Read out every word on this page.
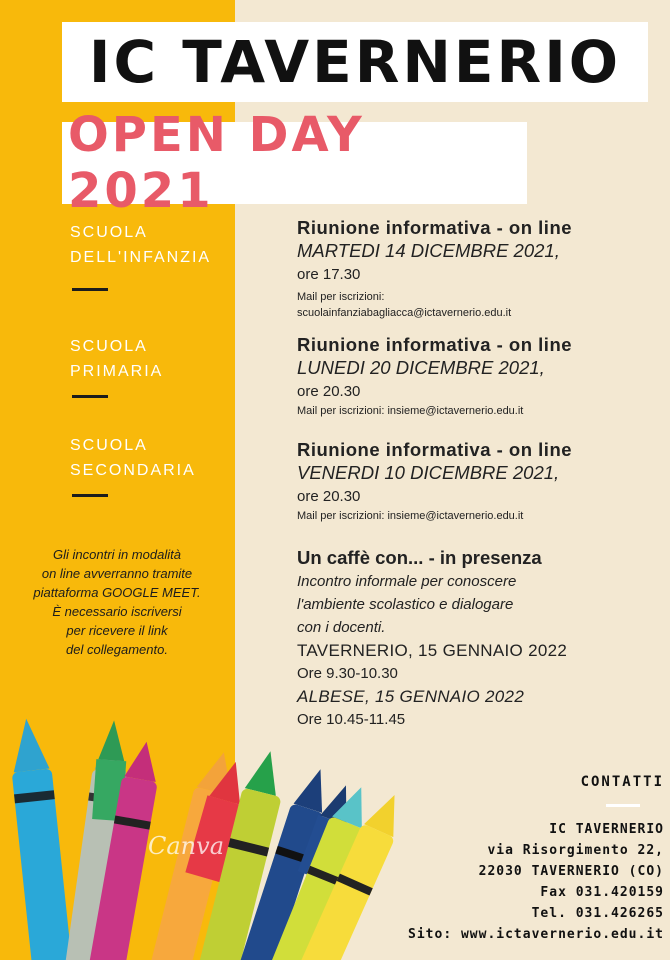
IC TAVERNERIO
OPEN DAY 2021
SCUOLA
DELL'INFANZIA
SCUOLA
PRIMARIA
SCUOLA
SECONDARIA
Riunione informativa - on line
MARTEDI 14 DICEMBRE 2021,
ore 17.30
Mail per iscrizioni:
scuolainfanziabagliacca@ictavernerio.edu.it
Riunione informativa - on line
LUNEDI 20 DICEMBRE 2021,
ore 20.30
Mail per iscrizioni: insieme@ictavernerio.edu.it
Riunione informativa - on line
VENERDI 10 DICEMBRE 2021,
ore 20.30
Mail per iscrizioni: insieme@ictavernerio.edu.it
Un caffè con... - in presenza
Incontro informale per conoscere
l'ambiente scolastico e dialogare
con i docenti.
TAVERNERIO, 15 GENNAIO 2022
Ore 9.30-10.30
ALBESE, 15 GENNAIO 2022
Ore 10.45-11.45
Gli incontri in modalità
on line avverranno tramite
piattaforma GOOGLE MEET.
È necessario iscriversi
per ricevere il link
del collegamento.
Canva
CONTATTI
IC TAVERNERIO
via Risorgimento 22,
22030 TAVERNERIO (CO)
Fax 031.420159
Tel. 031.426265
Sito: www.ictavernerio.edu.it
